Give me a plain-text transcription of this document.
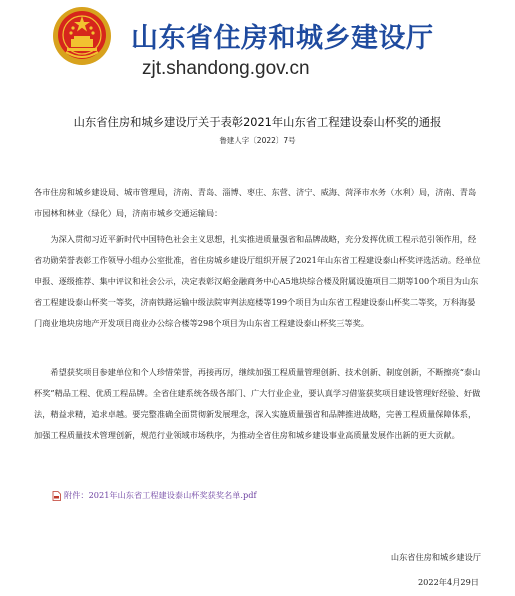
山东省住房和城乡建设厅
zjt.shandong.gov.cn
山东省住房和城乡建设厅关于表彰2021年山东省工程建设泰山杯奖的通报
鲁建人字〔2022〕7号
各市住房和城乡建设局、城市管理局，济南、青岛、淄博、枣庄、东营、济宁、威海、菏泽市水务（水利）局，济南、青岛市园林和林业（绿化）局，济南市城乡交通运输局：
为深入贯彻习近平新时代中国特色社会主义思想，扎实推进质量强省和品牌战略，充分发挥优质工程示范引领作用，经省功勋荣誉表彰工作领导小组办公室批准，省住房城乡建设厅组织开展了2021年山东省工程建设泰山杯奖评选活动。经单位申报、逐级推荐、集中评议和社会公示，决定表彰汉峪金融商务中心A5地块综合楼及附属设施项目二期等100个项目为山东省工程建设泰山杯奖一等奖，济南铁路运输中级法院审判法庭楼等199个项目为山东省工程建设泰山杯奖二等奖，万科海晏门商业地块房地产开发项目商业办公综合楼等298个项目为山东省工程建设泰山杯奖三等奖。
希望获奖项目参建单位和个人珍惜荣誉，再接再厉，继续加强工程质量管理创新、技术创新、制度创新，不断擦亮“泰山杯奖”精品工程、优质工程品牌。全省住建系统各级各部门、广大行业企业，要认真学习借鉴获奖项目建设管理好经验、好做法，精益求精，追求卓越。要完整准确全面贯彻新发展理念，深入实施质量强省和品牌推进战略，完善工程质量保障体系，加强工程质量技术管理创新，规范行业领域市场秩序，为推动全省住房和城乡建设事业高质量发展作出新的更大贡献。
附件：2021年山东省工程建设泰山杯奖获奖名单.pdf
山东省住房和城乡建设厅
2022年4月29日
